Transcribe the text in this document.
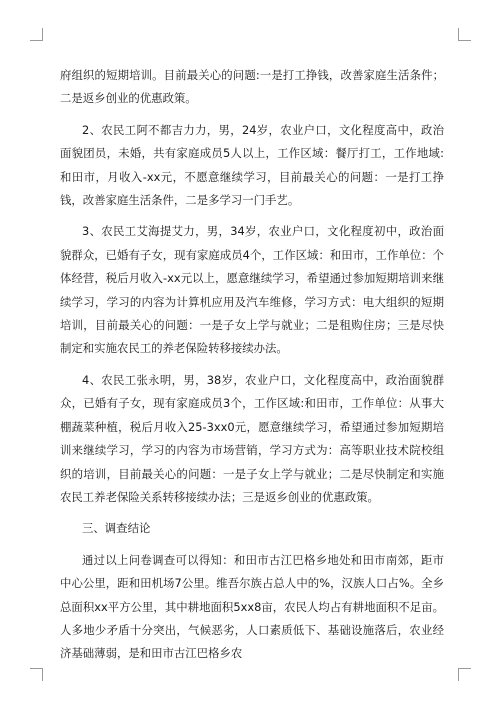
府组织的短期培训。目前最关心的问题:一是打工挣钱，改善家庭生活条件；二是返乡创业的优惠政策。

2、农民工阿不都吉力力，男，24岁，农业户口，文化程度高中，政治面貌团员，未婚，共有家庭成员5人以上，工作区域：餐厅打工，工作地域:和田市，月收入-xx元，不愿意继续学习，目前最关心的问题：一是打工挣钱，改善家庭生活条件，二是多学习一门手艺。

3、农民工艾海提艾力，男，34岁，农业户口，文化程度初中，政治面貌群众，已婚有子女，现有家庭成员4个，工作区域：和田市，工作单位：个体经营，税后月收入-xx元以上，愿意继续学习，希望通过参加短期培训来继续学习，学习的内容为计算机应用及汽车维修，学习方式：电大组织的短期培训，目前最关心的问题：一是子女上学与就业；二是租购住房；三是尽快制定和实施农民工的养老保险转移接续办法。

4、农民工张永明，男，38岁，农业户口，文化程度高中，政治面貌群众，已婚有子女，现有家庭成员3个，工作区域:和田市，工作单位：从事大棚蔬菜种植，税后月收入25-3xx0元，愿意继续学习，希望通过参加短期培训来继续学习，学习的内容为市场营销，学习方式为：高等职业技术院校组织的培训，目前最关心的问题：一是子女上学与就业；二是尽快制定和实施农民工养老保险关系转移接续办法；三是返乡创业的优惠政策。

三、调查结论

通过以上问卷调查可以得知：和田市古江巴格乡地处和田市南郊，距市中心公里，距和田机场7公里。维吾尔族占总人中的%，汉族人口占%。全乡总面积xx平方公里，其中耕地面积5xx8亩，农民人均占有耕地面积不足亩。人多地少矛盾十分突出，气候恶劣，人口素质低下、基础设施落后，农业经济基础薄弱，是和田市古江巴格乡农
